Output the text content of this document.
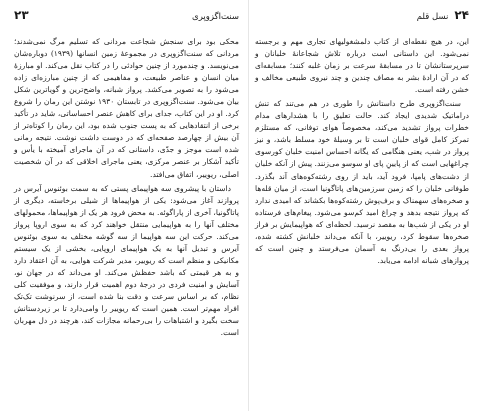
۲۴
نسل قلم

این، در هیچ نقطه‌ای از کتاب دلمشغولیهای تجاری مهم و برجسته نمی‌شود. این داستانی است درباره تلاش شجاعانهٔ خلبانان و سرپرستانشان تا در مسابقهٔ سرعت بر زمان غلبه کنند؛ مسابقه‌ای که در آن ارادهٔ بشر به مصاف چندین و چند نیروی طبیعی مخالف و خشن رفته است.

سنت‌اگزوپری طرح داستانش را طوری در هم می‌تند که تنش دراماتیک شدیدی ایجاد کند. حالت تعلیق را با هشدارهای مدام خطرات پرواز تشدید می‌کند، مخصوصاً هوای توفانی، که مستلزم تمرکز کامل قوای خلبان است تا بر وسیلهٔ خود مسلط باشد، و نیز پرواز در شب، یعنی هنگامی که یگانه احساس امنیت خلبان کورسوی چراغهایی است که از پایینِ پای او سوسو می‌زنند. پیش از آنکه خلبان از دشت‌های پامپا، فرود آید، باید از روی رشته‌کوه‌های آند بگذرد. طوفانی خلبان را که زمین سرزمین‌های پاتاگونیا است، از میان قله‌ها و صخره‌های سهمناک و برف‌پوش رشته‌کوه‌ها بکشاند که امیدی ندارد که پرواز نتیجه بدهد و چراغ امید کم‌سو می‌شود. پیغام‌های فرستاده او در یکی از شب‌ها به مقصد نرسید. لحظه‌ای که هواپیمایش بر فراز صخره‌ها سقوط کرد، ریوییر، با آنکه می‌داند خلبانش کشته شده، پرواز بعدی را بی‌درنگ به آسمان می‌فرستد و چنین است که پروازهای شبانه ادامه می‌یابد.

سنت‌اگزوپری
۲۳

محکی بود برای سنجش شجاعت مردانی که تسلیم مرگ نمی‌شدند؛ مردانی که سنت‌اگزوپری در مجموعهٔ زمین انسانها (۱۹۳۹) دوباره‌شان می‌نویسد. و چندمورد از چنین حوادثی را در کتاب نقل می‌کند. او مبارزهٔ میان انسان و عناصر طبیعت، و مفاهیمی که از چنین مبارزه‌ای زاده می‌شود را به تصویر می‌کشد. پرواز شبانه، واضح‌ترین و گویاترین شکل بیان می‌شود. سنت‌اگزوپری در تابستان ۱۹۳۰ نوشتن این رمان را شروع کرد. او در این کتاب، جدای برای کاهش عنصر احساساتی، شاید در تأکید برخی از انتقادهایی که به پست جنوب شده بود، این رمان را کوتاه‌تر از آن بیش از چهارصد صفحه‌ای که در دوست داشت نوشت. نتیجه رمانی شده است موجز و جدّی، داستانی که در آن ماجرای آمیخته با یأس و تأکید آشکار بر عنصر مرکزی، یعنی ماجرای اخلاقی که در آن شخصیت اصلی، ریوییر، اتفاق می‌افتد.

داستان با پیشروی سه هواپیمای پستی که به سمت بوئنوس آیرس در پروازند آغاز می‌شود: یکی از هواپیماها از شیلی برخاسته، دیگری از پاتاگونیا، آخری از پاراگوئه. به محض فرود هر یک از هواپیماها، محمولهای مختلف آنها را به هواپیمایی منتقل خواهند کرد که به سوی اروپا پرواز می‌کند. حرکت این سه هواپیما از سه گوشه مختلف به سوی بوئنوس آیرس و تبدیل آنها به یک هواپیمای اروپایی، بخشی از یک سیستم مکانیکی و منظم است که ریوییر، مدیر شرکت هوایی، به آن اعتقاد دارد و به هر قیمتی که باشد حفظش می‌کند. او می‌داند که در جهان نو، آسایش و امنیت فردی در درجهٔ دوم اهمیت قرار دارند، و موفقیت کلی نظام، که بر اساس سرعت و دقت بنا شده است، از سرنوشت تک‌تک افراد مهم‌تر است. همین است که ریوییر را وامی‌دارد تا بر زیردستانش سخت بگیرد و اشتباهات را بی‌رحمانه مجازات کند، هرچند در دل مهربان است.
